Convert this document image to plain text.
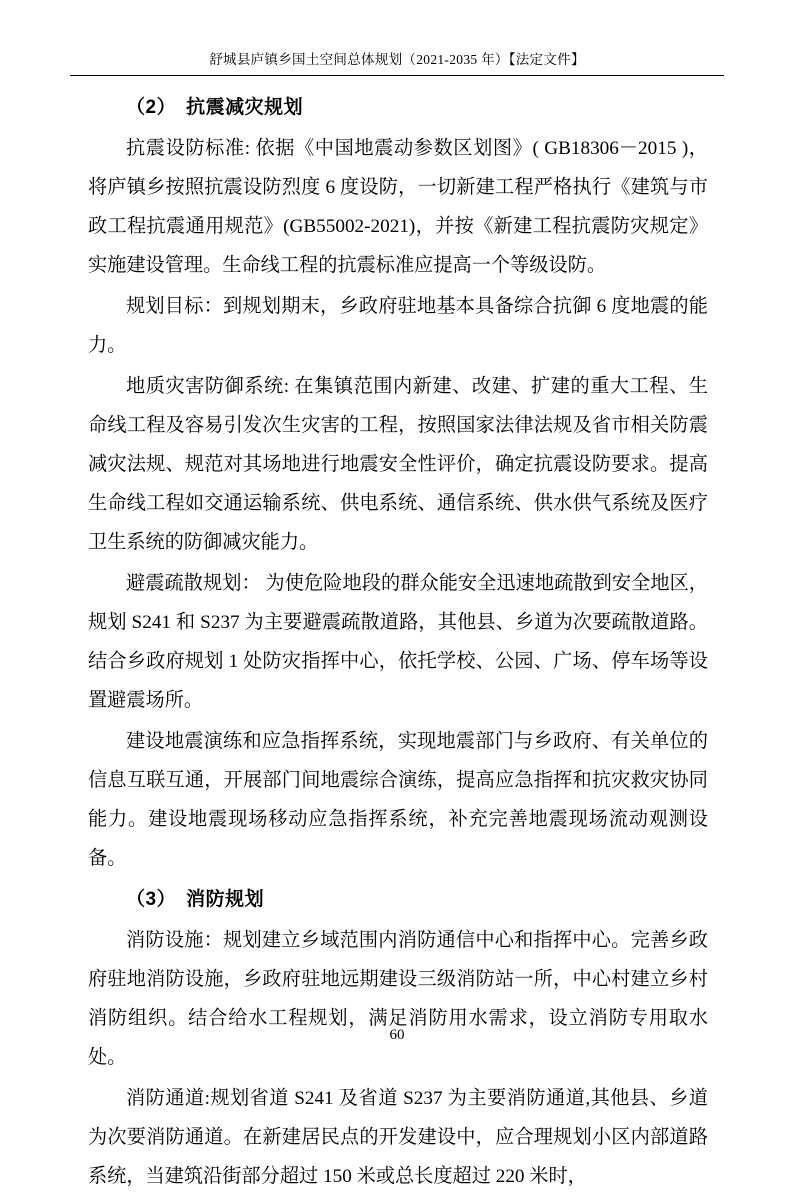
舒城县庐镇乡国土空间总体规划（2021-2035 年）【法定文件】

（2） 抗震减灾规划

抗震设防标准: 依据《中国地震动参数区划图》( GB18306－2015 )，将庐镇乡按照抗震设防烈度 6 度设防，一切新建工程严格执行《建筑与市政工程抗震通用规范》(GB55002-2021)，并按《新建工程抗震防灾规定》实施建设管理。生命线工程的抗震标准应提高一个等级设防。

规划目标：到规划期末，乡政府驻地基本具备综合抗御 6 度地震的能力。

地质灾害防御系统: 在集镇范围内新建、改建、扩建的重大工程、生命线工程及容易引发次生灾害的工程，按照国家法律法规及省市相关防震减灾法规、规范对其场地进行地震安全性评价，确定抗震设防要求。提高生命线工程如交通运输系统、供电系统、通信系统、供水供气系统及医疗卫生系统的防御减灾能力。

避震疏散规划： 为使危险地段的群众能安全迅速地疏散到安全地区，规划 S241 和 S237 为主要避震疏散道路，其他县、乡道为次要疏散道路。结合乡政府规划 1 处防灾指挥中心，依托学校、公园、广场、停车场等设置避震场所。

建设地震演练和应急指挥系统，实现地震部门与乡政府、有关单位的信息互联互通，开展部门间地震综合演练，提高应急指挥和抗灾救灾协同能力。建设地震现场移动应急指挥系统，补充完善地震现场流动观测设备。

（3） 消防规划

消防设施：规划建立乡域范围内消防通信中心和指挥中心。完善乡政府驻地消防设施，乡政府驻地远期建设三级消防站一所，中心村建立乡村消防组织。结合给水工程规划，满足消防用水需求，设立消防专用取水处。

消防通道:规划省道 S241 及省道 S237 为主要消防通道,其他县、乡道为次要消防通道。在新建居民点的开发建设中，应合理规划小区内部道路系统，当建筑沿街部分超过 150 米或总长度超过 220 米时，

60
